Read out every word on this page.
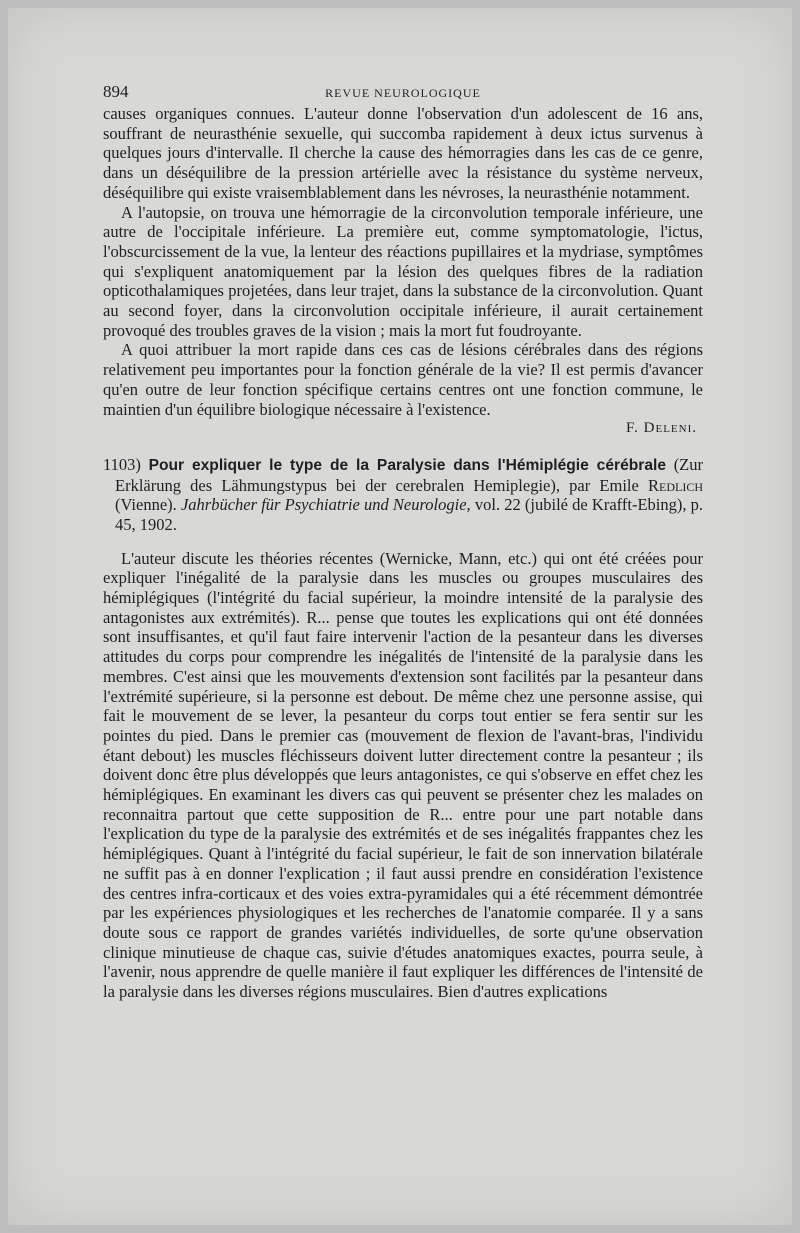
894	REVUE NEUROLOGIQUE

causes organiques connues. L'auteur donne l'observation d'un adolescent de 16 ans, souffrant de neurasthénie sexuelle, qui succomba rapidement à deux ictus survenus à quelques jours d'intervalle. Il cherche la cause des hémorragies dans les cas de ce genre, dans un déséquilibre de la pression artérielle avec la résistance du système nerveux, déséquilibre qui existe vraisemblablement dans les névroses, la neurasthénie notamment.

A l'autopsie, on trouva une hémorragie de la circonvolution temporale inférieure, une autre de l'occipitale inférieure. La première eut, comme symptomatologie, l'ictus, l'obscurcissement de la vue, la lenteur des réactions pupillaires et la mydriase, symptômes qui s'expliquent anatomiquement par la lésion des quelques fibres de la radiation opticothalamiques projetées, dans leur trajet, dans la substance de la circonvolution. Quant au second foyer, dans la circonvolution occipitale inférieure, il aurait certainement provoqué des troubles graves de la vision ; mais la mort fut foudroyante.

A quoi attribuer la mort rapide dans ces cas de lésions cérébrales dans des régions relativement peu importantes pour la fonction générale de la vie? Il est permis d'avancer qu'en outre de leur fonction spécifique certains centres ont une fonction commune, le maintien d'un équilibre biologique nécessaire à l'existence.

F. Deleni.
1103) Pour expliquer le type de la Paralysie dans l'Hémiplégie cérébrale (Zur Erklärung des Lähmungstypus bei der cerebralen Hemiplegie), par Emile Redlich (Vienne). Jahrbücher für Psychiatrie und Neurologie, vol. 22 (jubilé de Krafft-Ebing), p. 45, 1902.

L'auteur discute les théories récentes (Wernicke, Mann, etc.) qui ont été créées pour expliquer l'inégalité de la paralysie dans les muscles ou groupes musculaires des hémiplégiques (l'intégrité du facial supérieur, la moindre intensité de la paralysie des antagonistes aux extrémités). R... pense que toutes les explications qui ont été données sont insuffisantes, et qu'il faut faire intervenir l'action de la pesanteur dans les diverses attitudes du corps pour comprendre les inégalités de l'intensité de la paralysie dans les membres. C'est ainsi que les mouvements d'extension sont facilités par la pesanteur dans l'extrémité supérieure, si la personne est debout. De même chez une personne assise, qui fait le mouvement de se lever, la pesanteur du corps tout entier se fera sentir sur les pointes du pied. Dans le premier cas (mouvement de flexion de l'avant-bras, l'individu étant debout) les muscles fléchisseurs doivent lutter directement contre la pesanteur ; ils doivent donc être plus développés que leurs antagonistes, ce qui s'observe en effet chez les hémiplégiques. En examinant les divers cas qui peuvent se présenter chez les malades on reconnaitra partout que cette supposition de R... entre pour une part notable dans l'explication du type de la paralysie des extrémités et de ses inégalités frappantes chez les hémiplégiques. Quant à l'intégrité du facial supérieur, le fait de son innervation bilatérale ne suffit pas à en donner l'explication ; il faut aussi prendre en considération l'existence des centres infra-corticaux et des voies extra-pyramidales qui a été récemment démontrée par les expériences physiologiques et les recherches de l'anatomie comparée. Il y a sans doute sous ce rapport de grandes variétés individuelles, de sorte qu'une observation clinique minutieuse de chaque cas, suivie d'études anatomiques exactes, pourra seule, à l'avenir, nous apprendre de quelle manière il faut expliquer les différences de l'intensité de la paralysie dans les diverses régions musculaires. Bien d'autres explications
